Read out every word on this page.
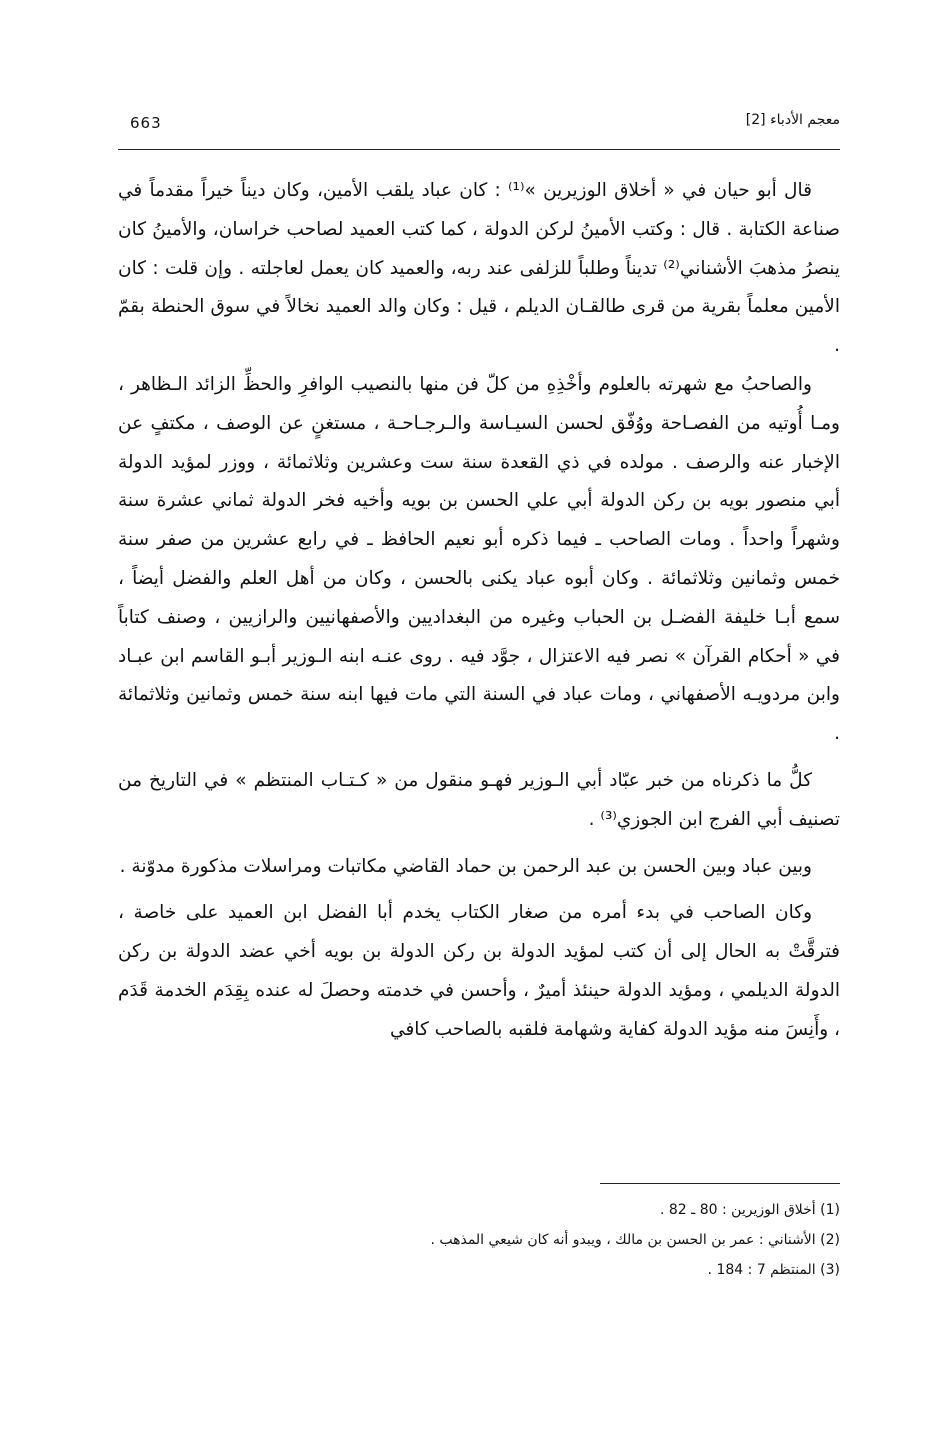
663	معجم الأدباء [2]

قال أبو حيان في « أخلاق الوزيرين »⁽¹⁾ : كان عباد يلقب الأمين، وكان ديناً خيراً مقدماً في صناعة الكتابة . قال : وكتب الأمينُ لركن الدولة ، كما كتب العميد لصاحب خراسان، والأمينُ كان ينصرُ مذهبَ الأشناني⁽²⁾ تديناً وطلباً للزلفى عند ربه، والعميد كان يعمل لعاجلته . وإن قلت : كان الأمين معلماً بقرية من قرى طالقـان الديلم ، قيل : وكان والد العميد نخالاً في سوق الحنطة بقمّ .

والصاحبُ مع شهرته بالعلوم وأخْذِهِ من كلّ فن منها بالنصيب الوافرِ والحظِّ الزائد الـظاهر ، ومـا أُوتيه من الفصـاحة ووُفّق لحسن السيـاسة والـرجـاحـة ، مستغنٍ عن الوصف ، مكتفٍ عن الإخبار عنه والرصف . مولده في ذي القعدة سنة ست وعشرين وثلاثمائة ، ووزر لمؤيد الدولة أبي منصور بويه بن ركن الدولة أبي علي الحسن بن بويه وأخيه فخر الدولة ثماني عشرة سنة وشهراً واحداً . ومات الصاحب ـ فيما ذكره أبو نعيم الحافظ ـ في رابع عشرين من صفر سنة خمس وثمانين وثلاثمائة . وكان أبوه عباد يكنى بالحسن ، وكان من أهل العلم والفضل أيضاً ، سمع أبـا خليفة الفضـل بن الحباب وغيره من البغداديين والأصفهانيين والرازيين ، وصنف كتاباً في « أحكام القرآن » نصر فيه الاعتزال ، جوَّد فيه . روى عنـه ابنه الـوزير أبـو القاسم ابن عبـاد وابن مردويـه الأصفهاني ، ومات عباد في السنة التي مات فيها ابنه سنة خمس وثمانين وثلاثمائة .

كلُّ ما ذكرناه من خبر عبّاد أبي الـوزير فهـو منقول من « كـتـاب المنتظم » في التاريخ من تصنيف أبي الفرج ابن الجوزي⁽³⁾ .

وبين عباد وبين الحسن بن عبد الرحمن بن حماد القاضي مكاتبات ومراسلات مذكورة مدوّنة .

وكان الصاحب في بدء أمره من صغار الكتاب يخدم أبا الفضل ابن العميد على خاصة ، فترقَّتْ به الحال إلى أن كتب لمؤيد الدولة بن ركن الدولة بن بويه أخي عضد الدولة بن ركن الدولة الديلمي ، ومؤيد الدولة حينئذ أميرٌ ، وأحسن في خدمته وحصلَ له عنده بِقِدَم الخدمة قَدَم ، وأَنِسَ منه مؤيد الدولة كفاية وشهامة فلقبه بالصاحب كافي

(1) أخلاق الوزيرين : 80 ـ 82 .
(2) الأشناني : عمر بن الحسن بن مالك ، ويبدو أنه كان شيعي المذهب .
(3) المنتظم 7 : 184 .
